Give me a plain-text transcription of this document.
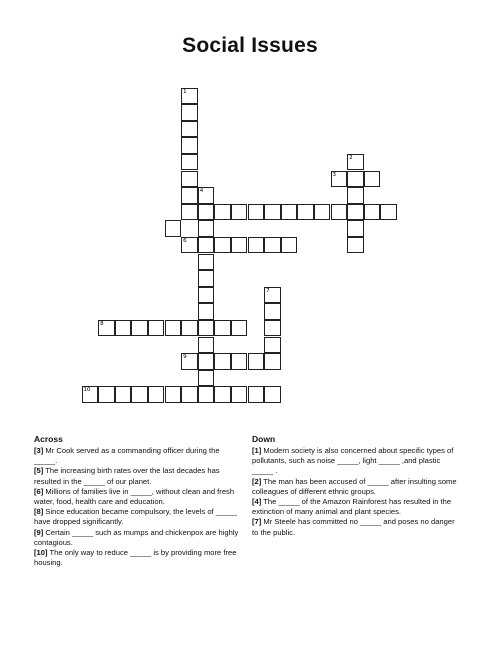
Social Issues
1
2
3
4
6
7
8
9
10
Across

[3] Mr Cook served as a commanding officer during the _____.

[5] The increasing birth rates over the last decades has resulted in the _____ of our planet.

[6] Millions of families live in _____, without clean and fresh water, food, health care and education.

[8] Since education became compulsory, the levels of _____ have dropped significantly.

[9] Certain _____ such as mumps and chickenpox are highly contagious.

[10] The only way to reduce _____ is by providing more free housing.

Down

[1] Modern society is also concerned about specific types of pollutants, such as noise _____, light _____ ,and plastic _____ .

[2] The man has been accused of _____ after insulting some colleagues of different ethnic groups.

[4] The _____ of the Amazon Rainforest has resulted in the extinction of many animal and plant species.

[7] Mr Steele has committed no _____ and poses no danger to the public.
